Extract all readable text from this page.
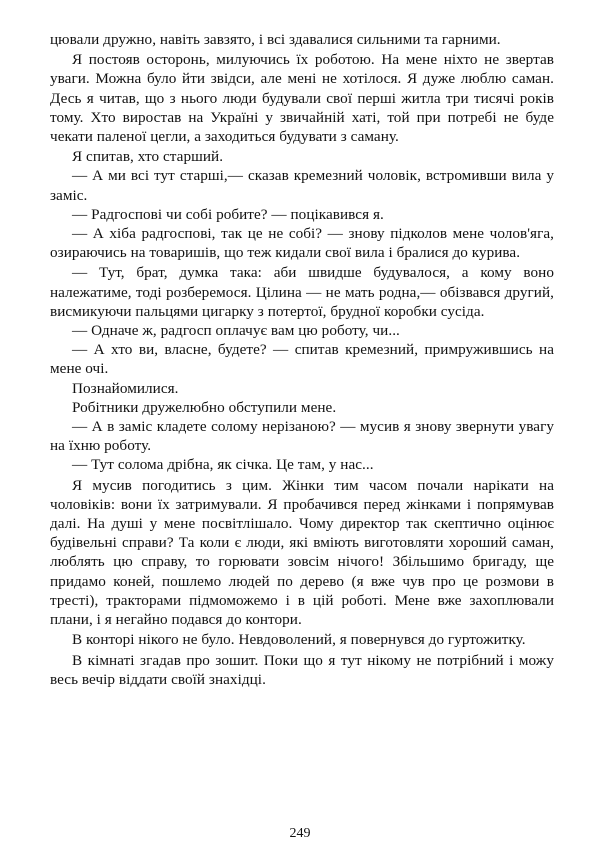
цювали дружно, навіть завзято, і всі здавалися сильними та гарними.

Я постояв осторонь, милуючись їх роботою. На мене ніхто не звертав уваги. Можна було йти звідси, але мені не хотілося. Я дуже люблю саман. Десь я читав, що з нього люди будували свої перші житла три тисячі років тому. Хто виростав на Україні у звичайній хаті, той при потребі не буде чекати паленої цегли, а заходиться будувати з саману.

Я спитав, хто старший.

— А ми всі тут старші,— сказав кремезний чоловік, встромивши вила у заміс.

— Радгоспові чи собі робите? — поцікавився я.

— А хіба радгоспові, так це не собі? — знову підколов мене чолов'яга, озираючись на товаришів, що теж кидали свої вила і бралися до курива.

— Тут, брат, думка така: аби швидше будувалося, а кому воно належатиме, тоді розберемося. Цілина — не мать родна,— обізвався другий, висмикуючи пальцями цигарку з потертої, брудної коробки сусіда.

— Одначе ж, радгосп оплачує вам цю роботу, чи...

— А хто ви, власне, будете? — спитав кремезний, примружившись на мене очі.

Познайомилися.

Робітники дружелюбно обступили мене.

— А в заміс кладете солому нерізаною? — мусив я знову звернути увагу на їхню роботу.

— Тут солома дрібна, як січка. Це там, у нас...

Я мусив погодитись з цим. Жінки тим часом почали нарікати на чоловіків: вони їх затримували. Я пробачився перед жінками і попрямував далі. На душі у мене посвітлішало. Чому директор так скептично оцінює будівельні справи? Та коли є люди, які вміють виготовляти хороший саман, люблять цю справу, то горювати зовсім нічого! Збільшимо бригаду, ще придамо коней, пошлемо людей по дерево (я вже чув про це розмови в тресті), тракторами підмоможемо і в цій роботі. Мене вже захоплювали плани, і я негайно подався до контори.

В конторі нікого не було. Невдоволений, я повернувся до гуртожитку.

В кімнаті згадав про зошит. Поки що я тут нікому не потрібний і можу весь вечір віддати своїй знахідці.

249
